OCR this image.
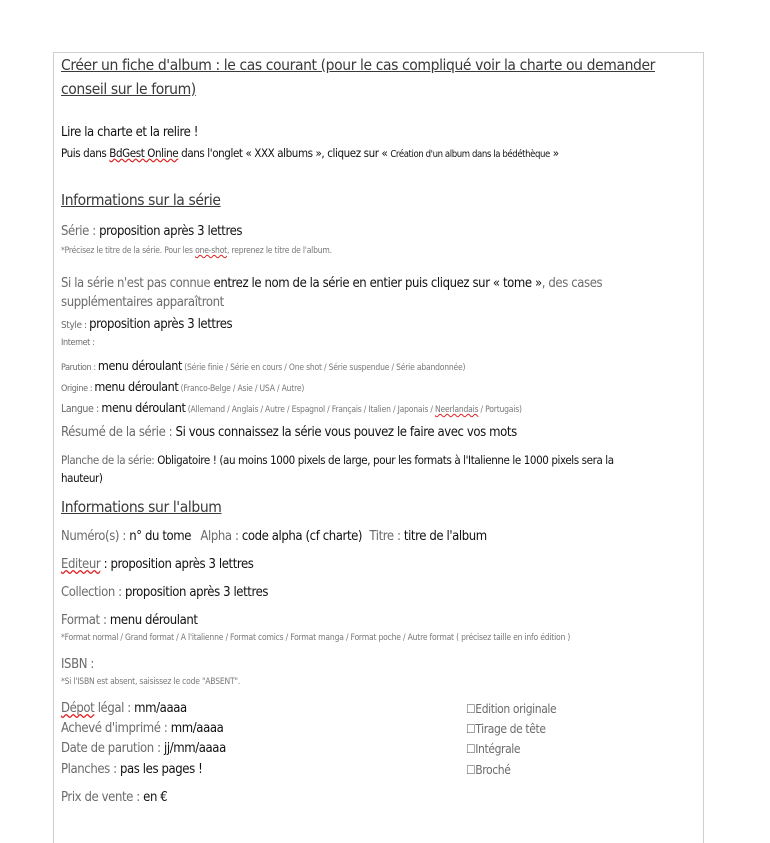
Créer un fiche d'album : le cas courant (pour le cas compliqué voir la charte ou demander
conseil sur le forum)
Lire la charte et la relire !
Puis dans BdGest Online dans l'onglet « XXX albums », cliquez sur « Création d'un album dans la bédéthèque »
Informations sur la série
Série : proposition après 3 lettres
*Précisez le titre de la série. Pour les one-shot, reprenez le titre de l'album.
Si la série n'est pas connue entrez le nom de la série en entier puis cliquez sur « tome », des cases
supplémentaires apparaîtront
Style : proposition après 3 lettres
Internet :
Parution : menu déroulant (Série finie / Série en cours / One shot / Série suspendue / Série abandonnée)
Origine : menu déroulant (Franco-Belge / Asie / USA / Autre)
Langue : menu déroulant (Allemand / Anglais / Autre / Espagnol / Français / Italien / Japonais / Neerlandais / Portugais)
Résumé de la série : Si vous connaissez la série vous pouvez le faire avec vos mots
Planche de la série: Obligatoire ! (au moins 1000 pixels de large, pour les formats à l'Italienne le 1000 pixels sera la
hauteur)
Informations sur l'album
Numéro(s) : n° du tome Alpha : code alpha (cf charte) Titre : titre de l'album
Editeur : proposition après 3 lettres
Collection : proposition après 3 lettres
Format : menu déroulant
*Format normal / Grand format / A l'italienne / Format comics / Format manga / Format poche / Autre format ( précisez taille en info édition )
ISBN :
*Si l'ISBN est absent, saisissez le code "ABSENT".
Dépot légal : mm/aaaa
Achevé d'imprimé : mm/aaaa
Date de parution : jj/mm/aaaa
Planches : pas les pages !
☐Edition originale
☐Tirage de tête
☐Intégrale
☐Broché
Prix de vente : en €
